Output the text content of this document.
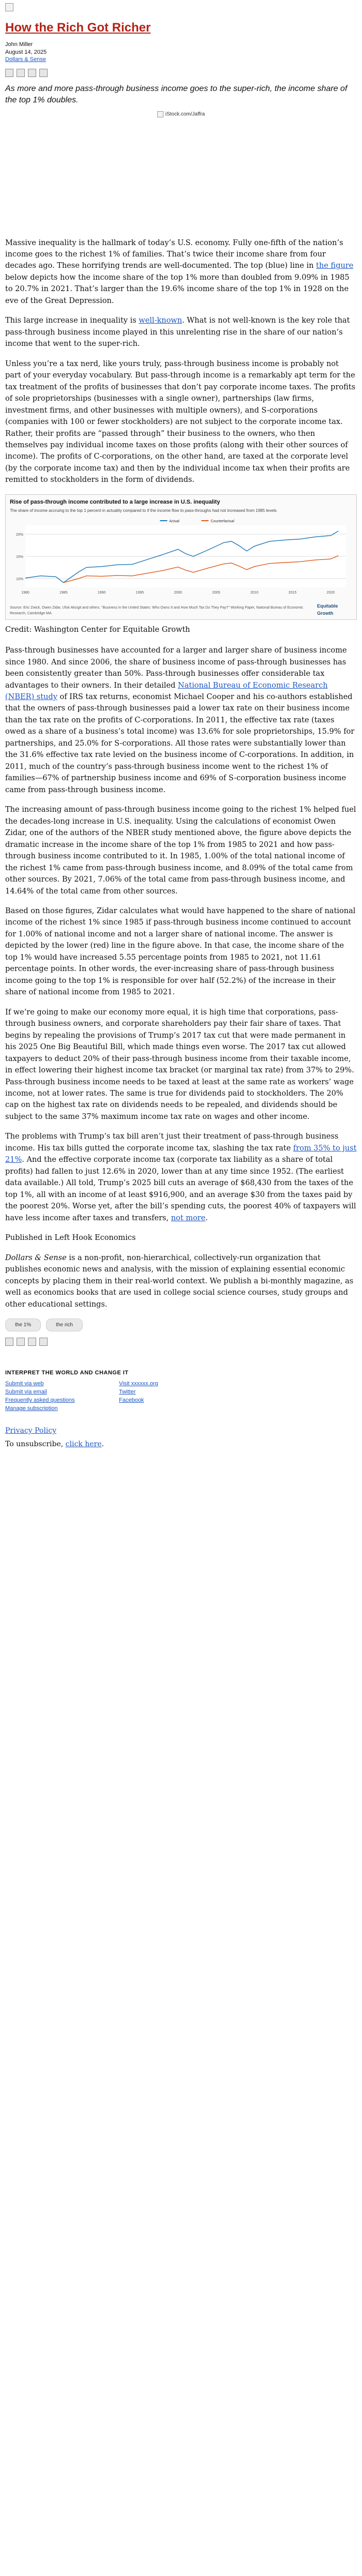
How the Rich Got Richer
John Miller
August 14, 2025
Dollars & Sense
As more and more pass-through business income goes to the super-rich, the income share of the top 1% doubles.
iStock.com/Jaffra

Massive inequality is the hallmark of today’s U.S. economy. Fully one-fifth of the nation’s income goes to the richest 1% of families. That’s twice their income share from four decades ago. These horrifying trends are well-documented. The top (blue) line in the figure below depicts how the income share of the top 1% more than doubled from 9.09% in 1985 to 20.7% in 2021. That’s larger than the 19.6% income share of the top 1% in 1928 on the eve of the Great Depression.

This large increase in inequality is well-known. What is not well-known is the key role that pass-through business income played in this unrelenting rise in the share of our nation’s income that went to the super-rich.

Unless you’re a tax nerd, like yours truly, pass-through business income is probably not part of your everyday vocabulary. But pass-through income is a remarkably apt term for the tax treatment of the profits of businesses that don’t pay corporate income taxes. The profits of sole proprietorships (businesses with a single owner), partnerships (law firms, investment firms, and other businesses with multiple owners), and S-corporations (companies with 100 or fewer stockholders) are not subject to the corporate income tax. Rather, their profits are “passed through” their business to the owners, who then themselves pay individual income taxes on those profits (along with their other sources of income). The profits of C-corporations, on the other hand, are taxed at the corporate level (by the corporate income tax) and then by the individual income tax when their profits are remitted to stockholders in the form of dividends.

Rise of pass-through income contributed to a large increase in U.S. inequality
The share of income accruing to the top 1 percent in actuality compared to if the income flow to pass-throughs had not increased from 1985 levels
10%
15%
20%
1980	1985	1990	1995	2000	2005	2010	2015	2020
Actual	Counterfactual
Source: Eric Zwick, Owen Zidar, Ufuk Akcigit and others. "Business in the United States: Who Owns It and How Much Tax Do They Pay?" Working Paper, National Bureau of Economic Research, Cambridge MA.
Equitable Growth
Credit: Washington Center for Equitable Growth

Pass-through businesses have accounted for a larger and larger share of business income since 1980. And since 2006, the share of business income of pass-through businesses has been consistently greater than 50%. Pass-through businesses offer considerable tax advantages to their owners. In their detailed National Bureau of Economic Research (NBER) study of IRS tax returns, economist Michael Cooper and his co-authors established that the owners of pass-through businesses paid a lower tax rate on their business income than the tax rate on the profits of C-corporations. In 2011, the effective tax rate (taxes owed as a share of a business’s total income) was 13.6% for sole proprietorships, 15.9% for partnerships, and 25.0% for S-corporations. All those rates were substantially lower than the 31.6% effective tax rate levied on the business income of C-corporations. In addition, in 2011, much of the country’s pass-through business income went to the richest 1% of families—67% of partnership business income and 69% of S-corporation business income came from pass-through business income.

The increasing amount of pass-through business income going to the richest 1% helped fuel the decades-long increase in U.S. inequality. Using the calculations of economist Owen Zidar, one of the authors of the NBER study mentioned above, the figure above depicts the dramatic increase in the income share of the top 1% from 1985 to 2021 and how pass-through business income contributed to it. In 1985, 1.00% of the total national income of the richest 1% came from pass-through business income, and 8.09% of the total came from other sources. By 2021, 7.06% of the total came from pass-through business income, and 14.64% of the total came from other sources.

Based on those figures, Zidar calculates what would have happened to the share of national income of the richest 1% since 1985 if pass-through business income continued to account for 1.00% of national income and not a larger share of national income. The answer is depicted by the lower (red) line in the figure above. In that case, the income share of the top 1% would have increased 5.55 percentage points from 1985 to 2021, not 11.61 percentage points. In other words, the ever-increasing share of pass-through business income going to the top 1% is responsible for over half (52.2%) of the increase in their share of national income from 1985 to 2021.

If we’re going to make our economy more equal, it is high time that corporations, pass-through business owners, and corporate shareholders pay their fair share of taxes. That begins by repealing the provisions of Trump’s 2017 tax cut that were made permanent in his 2025 One Big Beautiful Bill, which made things even worse. The 2017 tax cut allowed taxpayers to deduct 20% of their pass-through business income from their taxable income, in effect lowering their highest income tax bracket (or marginal tax rate) from 37% to 29%. Pass-through business income needs to be taxed at least at the same rate as workers’ wage income, not at lower rates. The same is true for dividends paid to stockholders. The 20% cap on the highest tax rate on dividends needs to be repealed, and dividends should be subject to the same 37% maximum income tax rate on wages and other income.

The problems with Trump’s tax bill aren’t just their treatment of pass-through business income. His tax bills gutted the corporate income tax, slashing the tax rate from 35% to just 21%. And the effective corporate income tax (corporate tax liability as a share of total profits) had fallen to just 12.6% in 2020, lower than at any time since 1952. (The earliest data available.) All told, Trump’s 2025 bill cuts an average of $68,430 from the taxes of the top 1%, all with an income of at least $916,900, and an average $30 from the taxes paid by the poorest 20%. Worse yet, after the bill’s spending cuts, the poorest 40% of taxpayers will have less income after taxes and transfers, not more.

Published in Left Hook Economics

Dollars & Sense is a non-profit, non-hierarchical, collectively-run organization that publishes economic news and analysis, with the mission of explaining essential economic concepts by placing them in their real-world context. We publish a bi-monthly magazine, as well as economics books that are used in college social science courses, study groups and other educational settings.

the 1%	the rich
INTERPRET THE WORLD AND CHANGE IT
Submit via web
Submit via email
Frequently asked questions
Manage subscription
Visit xxxxxx.org
Twitter
Facebook

Privacy Policy

To unsubscribe, click here.
